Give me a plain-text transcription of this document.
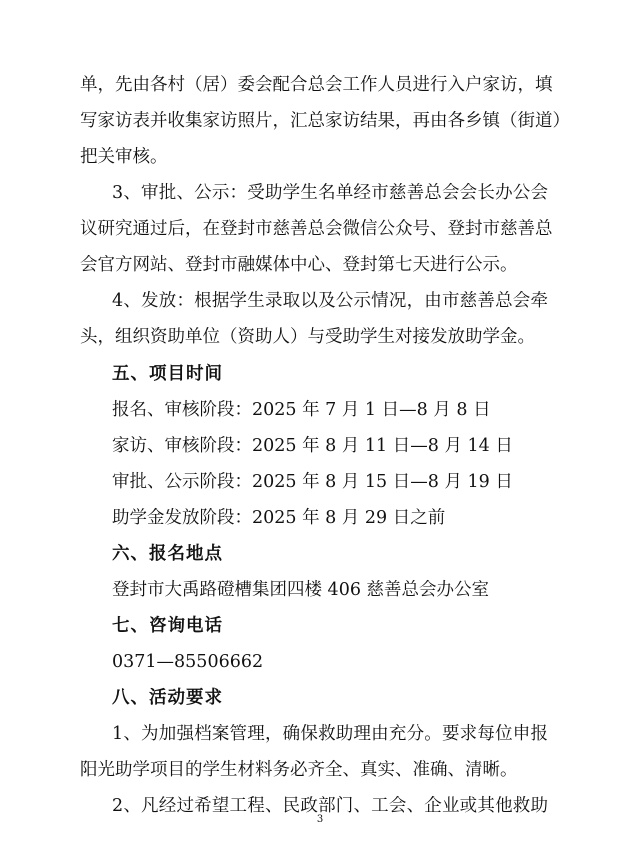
单，先由各村（居）委会配合总会工作人员进行入户家访，填
写家访表并收集家访照片，汇总家访结果，再由各乡镇（街道）
把关审核。
3、审批、公示：受助学生名单经市慈善总会会长办公会
议研究通过后，在登封市慈善总会微信公众号、登封市慈善总
会官方网站、登封市融媒体中心、登封第七天进行公示。
4、发放：根据学生录取以及公示情况，由市慈善总会牵
头，组织资助单位（资助人）与受助学生对接发放助学金。
五、项目时间
报名、审核阶段：2025 年 7 月 1 日—8 月 8 日
家访、审核阶段：2025 年 8 月 11 日—8 月 14 日
审批、公示阶段：2025 年 8 月 15 日—8 月 19 日
助学金发放阶段：2025 年 8 月 29 日之前
六、报名地点
登封市大禹路磴槽集团四楼 406 慈善总会办公室
七、咨询电话
0371—85506662
八、活动要求
1、为加强档案管理，确保救助理由充分。要求每位申报
阳光助学项目的学生材料务必齐全、真实、准确、清晰。
2、凡经过希望工程、民政部门、工会、企业或其他救助
3
